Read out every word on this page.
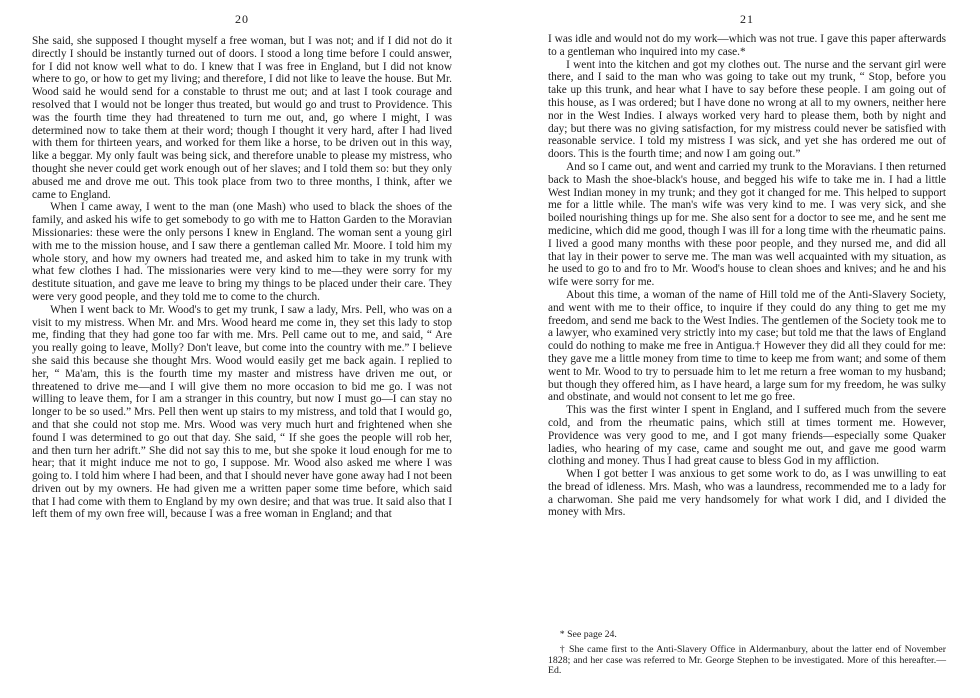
20

She said, she supposed I thought myself a free woman, but I was not; and if I did not do it directly I should be instantly turned out of doors. I stood a long time before I could answer, for I did not know well what to do. I knew that I was free in England, but I did not know where to go, or how to get my living; and therefore, I did not like to leave the house. But Mr. Wood said he would send for a constable to thrust me out; and at last I took courage and resolved that I would not be longer thus treated, but would go and trust to Providence. This was the fourth time they had threatened to turn me out, and, go where I might, I was determined now to take them at their word; though I thought it very hard, after I had lived with them for thirteen years, and worked for them like a horse, to be driven out in this way, like a beggar. My only fault was being sick, and therefore unable to please my mistress, who thought she never could get work enough out of her slaves; and I told them so: but they only abused me and drove me out. This took place from two to three months, I think, after we came to England.

When I came away, I went to the man (one Mash) who used to black the shoes of the family, and asked his wife to get somebody to go with me to Hatton Garden to the Moravian Missionaries: these were the only persons I knew in England. The woman sent a young girl with me to the mission house, and I saw there a gentleman called Mr. Moore. I told him my whole story, and how my owners had treated me, and asked him to take in my trunk with what few clothes I had. The missionaries were very kind to me—they were sorry for my destitute situation, and gave me leave to bring my things to be placed under their care. They were very good people, and they told me to come to the church.

When I went back to Mr. Wood's to get my trunk, I saw a lady, Mrs. Pell, who was on a visit to my mistress. When Mr. and Mrs. Wood heard me come in, they set this lady to stop me, finding that they had gone too far with me. Mrs. Pell came out to me, and said, “ Are you really going to leave, Molly? Don't leave, but come into the country with me.” I believe she said this because she thought Mrs. Wood would easily get me back again. I replied to her, “ Ma'am, this is the fourth time my master and mistress have driven me out, or threatened to drive me—and I will give them no more occasion to bid me go. I was not willing to leave them, for I am a stranger in this country, but now I must go—I can stay no longer to be so used.” Mrs. Pell then went up stairs to my mistress, and told that I would go, and that she could not stop me. Mrs. Wood was very much hurt and frightened when she found I was determined to go out that day. She said, “ If she goes the people will rob her, and then turn her adrift.” She did not say this to me, but she spoke it loud enough for me to hear; that it might induce me not to go, I suppose. Mr. Wood also asked me where I was going to. I told him where I had been, and that I should never have gone away had I not been driven out by my owners. He had given me a written paper some time before, which said that I had come with them to England by my own desire; and that was true. It said also that I left them of my own free will, because I was a free woman in England; and that

21

I was idle and would not do my work—which was not true. I gave this paper afterwards to a gentleman who inquired into my case.*

I went into the kitchen and got my clothes out. The nurse and the servant girl were there, and I said to the man who was going to take out my trunk, “ Stop, before you take up this trunk, and hear what I have to say before these people. I am going out of this house, as I was ordered; but I have done no wrong at all to my owners, neither here nor in the West Indies. I always worked very hard to please them, both by night and day; but there was no giving satisfaction, for my mistress could never be satisfied with reasonable service. I told my mistress I was sick, and yet she has ordered me out of doors. This is the fourth time; and now I am going out.”

And so I came out, and went and carried my trunk to the Moravians. I then returned back to Mash the shoe-black's house, and begged his wife to take me in. I had a little West Indian money in my trunk; and they got it changed for me. This helped to support me for a little while. The man's wife was very kind to me. I was very sick, and she boiled nourishing things up for me. She also sent for a doctor to see me, and he sent me medicine, which did me good, though I was ill for a long time with the rheumatic pains. I lived a good many months with these poor people, and they nursed me, and did all that lay in their power to serve me. The man was well acquainted with my situation, as he used to go to and fro to Mr. Wood's house to clean shoes and knives; and he and his wife were sorry for me.

About this time, a woman of the name of Hill told me of the Anti-Slavery Society, and went with me to their office, to inquire if they could do any thing to get me my freedom, and send me back to the West Indies. The gentlemen of the Society took me to a lawyer, who examined very strictly into my case; but told me that the laws of England could do nothing to make me free in Antigua.† However they did all they could for me: they gave me a little money from time to time to keep me from want; and some of them went to Mr. Wood to try to persuade him to let me return a free woman to my husband; but though they offered him, as I have heard, a large sum for my freedom, he was sulky and obstinate, and would not consent to let me go free.

This was the first winter I spent in England, and I suffered much from the severe cold, and from the rheumatic pains, which still at times torment me. However, Providence was very good to me, and I got many friends—especially some Quaker ladies, who hearing of my case, came and sought me out, and gave me good warm clothing and money. Thus I had great cause to bless God in my affliction.

When I got better I was anxious to get some work to do, as I was unwilling to eat the bread of idleness. Mrs. Mash, who was a laundress, recommended me to a lady for a charwoman. She paid me very handsomely for what work I did, and I divided the money with Mrs.

* See page 24.

† She came first to the Anti-Slavery Office in Aldermanbury, about the latter end of November 1828; and her case was referred to Mr. George Stephen to be investigated. More of this hereafter.—Ed.
